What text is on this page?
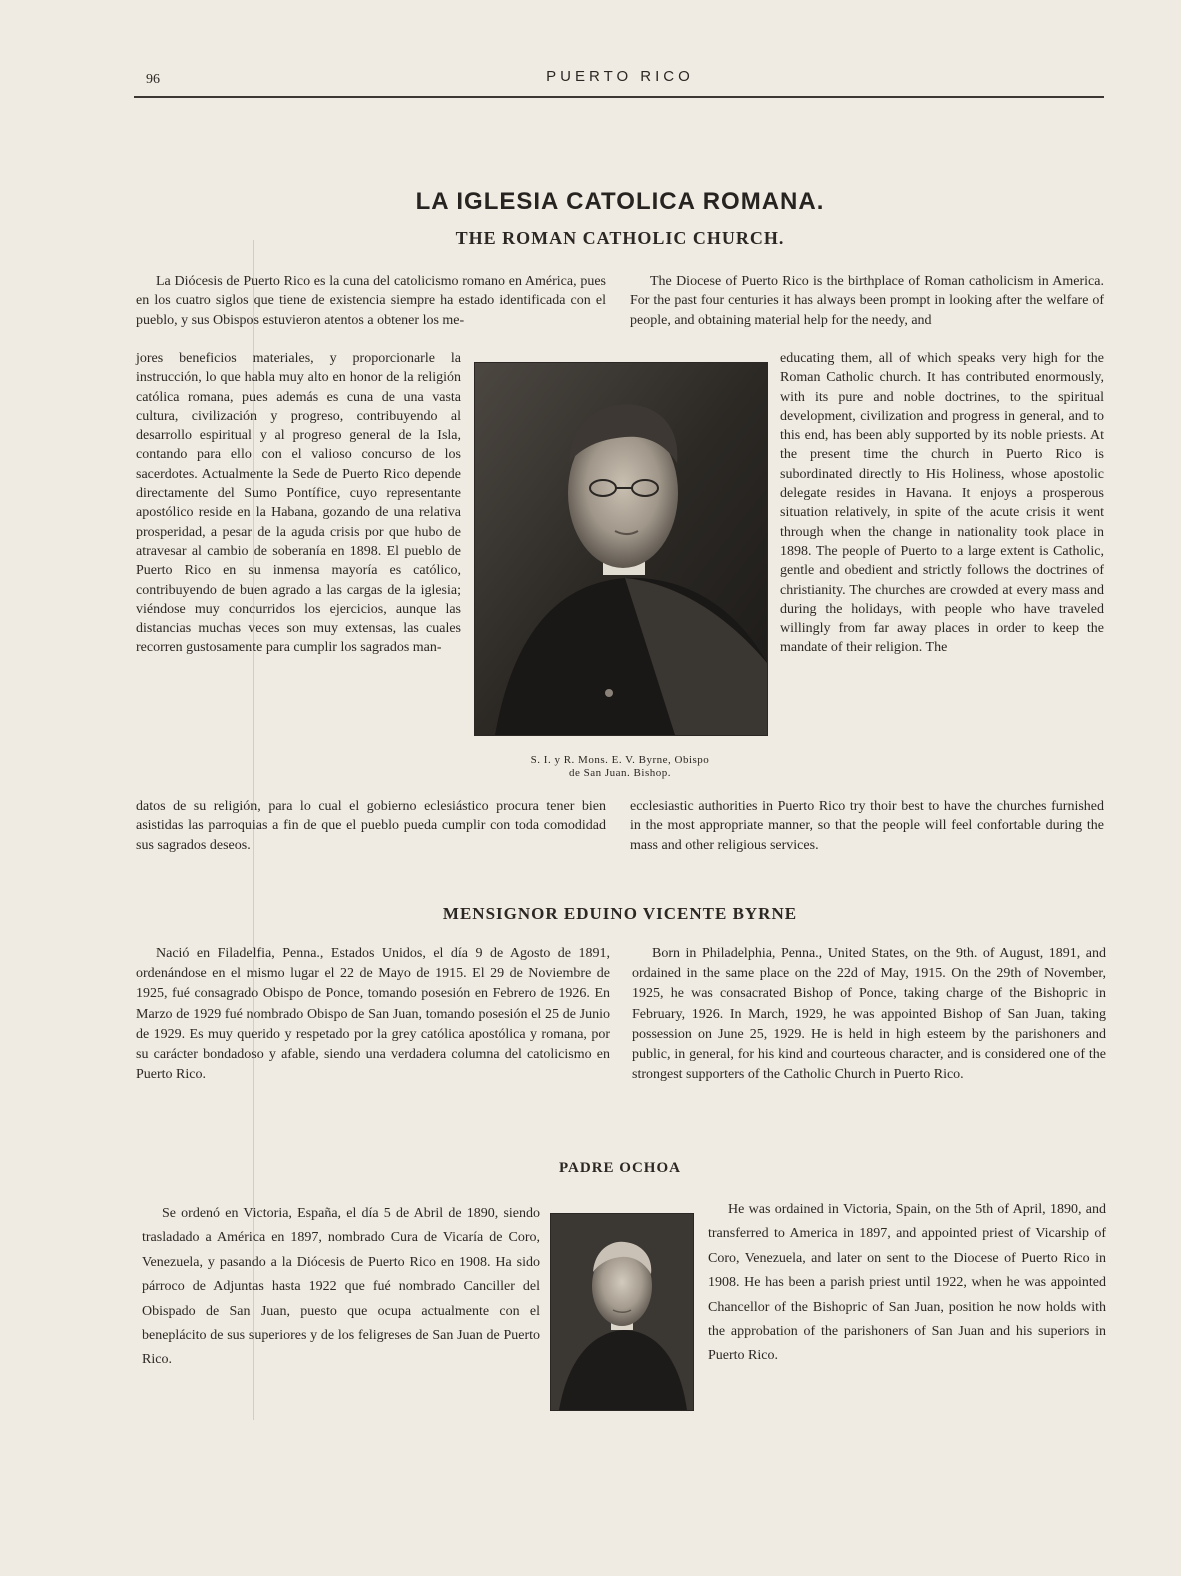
96	PUERTO RICO
LA IGLESIA CATOLICA ROMANA.
THE ROMAN CATHOLIC CHURCH.

La Diócesis de Puerto Rico es la cuna del catolicismo romano en América, pues en los cuatro siglos que tiene de existencia siempre ha estado identificada con el pueblo, y sus Obispos estuvieron atentos a obtener los me-

jores beneficios materiales, y proporcionarle la instrucción, lo que habla muy alto en honor de la religión católica romana, pues además es cuna de una vasta cultura, civilización y progreso, contribuyendo al desarrollo espiritual y al progreso general de la Isla, contando para ello con el valioso concurso de los sacerdotes. Actualmente la Sede de Puerto Rico depende directamente del Sumo Pontífice, cuyo representante apostólico reside en la Habana, gozando de una relativa prosperidad, a pesar de la aguda crisis por que hubo de atravesar al cambio de soberanía en 1898. El pueblo de Puerto Rico en su inmensa mayoría es católico, contribuyendo de buen agrado a las cargas de la iglesia; viéndose muy concurridos los ejercicios, aunque las distancias muchas veces son muy extensas, las cuales recorren gustosamente para cumplir los sagrados man-

datos de su religión, para lo cual el gobierno eclesiástico procura tener bien asistidas las parroquias a fin de que el pueblo pueda cumplir con toda comodidad sus sagrados deseos.

The Diocese of Puerto Rico is the birthplace of Roman catholicism in America. For the past four centuries it has always been prompt in looking after the welfare of people, and obtaining material help for the needy, and

educating them, all of which speaks very high for the Roman Catholic church. It has contributed enormously, with its pure and noble doctrines, to the spiritual development, civilization and progress in general, and to this end, has been ably supported by its noble priests. At the present time the church in Puerto Rico is subordinated directly to His Holiness, whose apostolic delegate resides in Havana. It enjoys a prosperous situation relatively, in spite of the acute crisis it went through when the change in nationality took place in 1898. The people of Puerto to a large extent is Catholic, gentle and obedient and strictly follows the doctrines of christianity. The churches are crowded at every mass and during the holidays, with people who have traveled willingly from far away places in order to keep the mandate of their religion. The

ecclesiastic authorities in Puerto Rico try thoir best to have the churches furnished in the most appropriate manner, so that the people will feel confortable during the mass and other religious services.

S. I. y R. Mons. E. V. Byrne, Obispo
de San Juan. Bishop.
MENSIGNOR EDUINO VICENTE BYRNE

Nació en Filadelfia, Penna., Estados Unidos, el día 9 de Agosto de 1891, ordenándose en el mismo lugar el 22 de Mayo de 1915. El 29 de Noviembre de 1925, fué consagrado Obispo de Ponce, tomando posesión en Febrero de 1926. En Marzo de 1929 fué nombrado Obispo de San Juan, tomando posesión el 25 de Junio de 1929. Es muy querido y respetado por la grey católica apostólica y romana, por su carácter bondadoso y afable, siendo una verdadera columna del catolicismo en Puerto Rico.

Born in Philadelphia, Penna., United States, on the 9th. of August, 1891, and ordained in the same place on the 22d of May, 1915. On the 29th of November, 1925, he was consacrated Bishop of Ponce, taking charge of the Bishopric in February, 1926. In March, 1929, he was appointed Bishop of San Juan, taking possession on June 25, 1929. He is held in high esteem by the parishoners and public, in general, for his kind and courteous character, and is considered one of the strongest supporters of the Catholic Church in Puerto Rico.

PADRE OCHOA

Se ordenó en Victoria, España, el día 5 de Abril de 1890, siendo trasladado a América en 1897, nombrado Cura de Vicaría de Coro, Venezuela, y pasando a la Diócesis de Puerto Rico en 1908. Ha sido párroco de Adjuntas hasta 1922 que fué nombrado Canciller del Obispado de San Juan, puesto que ocupa actualmente con el beneplácito de sus superiores y de los feligreses de San Juan de Puerto Rico.

He was ordained in Victoria, Spain, on the 5th of April, 1890, and transferred to America in 1897, and appointed priest of Vicarship of Coro, Venezuela, and later on sent to the Diocese of Puerto Rico in 1908. He has been a parish priest until 1922, when he was appointed Chancellor of the Bishopric of San Juan, position he now holds with the approbation of the parishoners of San Juan and his superiors in Puerto Rico.
